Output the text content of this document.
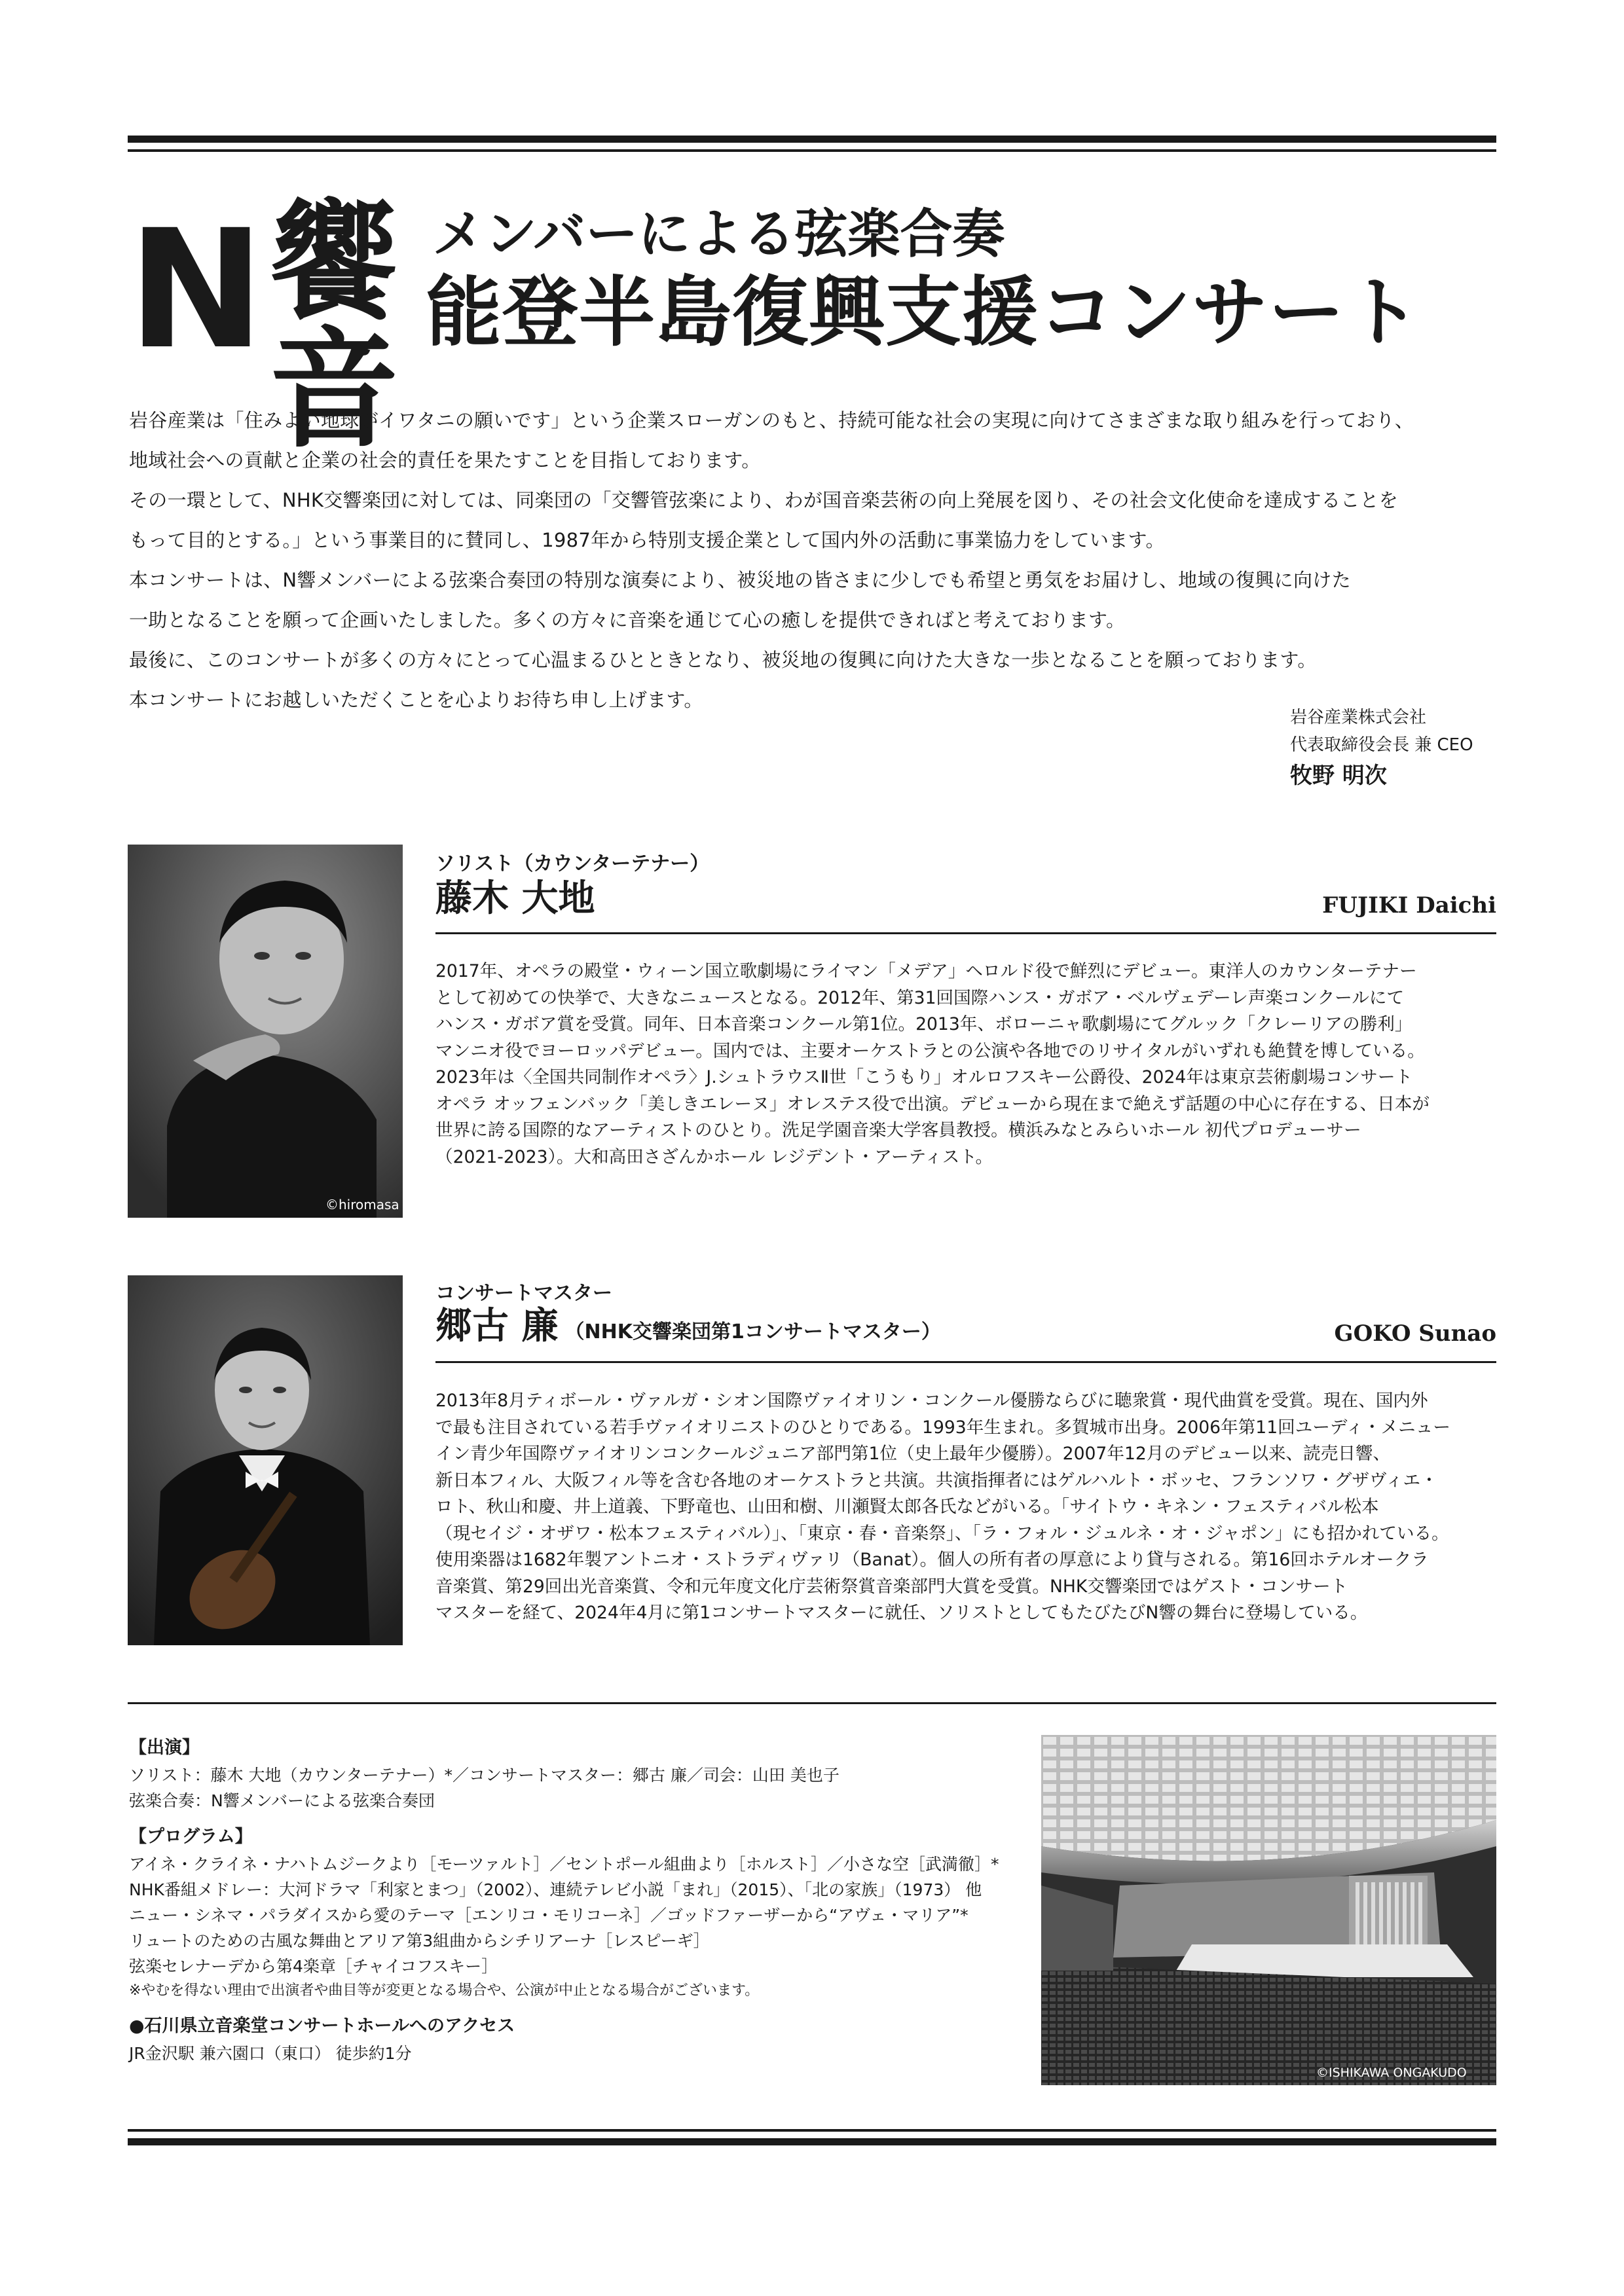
N 饗
音
メンバーによる弦楽合奏
能登半島復興支援コンサート

岩谷産業は「住みよい地球がイワタニの願いです」という企業スローガンのもと、持続可能な社会の実現に向けてさまざまな取り組みを行っており、

地域社会への貢献と企業の社会的責任を果たすことを目指しております。

その一環として、NHK交響楽団に対しては、同楽団の「交響管弦楽により、わが国音楽芸術の向上発展を図り、その社会文化使命を達成することを

もって目的とする。」という事業目的に賛同し、1987年から特別支援企業として国内外の活動に事業協力をしています。

本コンサートは、N響メンバーによる弦楽合奏団の特別な演奏により、被災地の皆さまに少しでも希望と勇気をお届けし、地域の復興に向けた

一助となることを願って企画いたしました。多くの方々に音楽を通じて心の癒しを提供できればと考えております。

最後に、このコンサートが多くの方々にとって心温まるひとときとなり、被災地の復興に向けた大きな一歩となることを願っております。

本コンサートにお越しいただくことを心よりお待ち申し上げます。

岩谷産業株式会社
代表取締役会長 兼 CEO
牧野 明次
©hiromasa
ソリスト（カウンターテナー）
藤木 大地	FUJIKI Daichi

2017年、オペラの殿堂・ウィーン国立歌劇場にライマン「メデア」ヘロルド役で鮮烈にデビュー。東洋人のカウンターテナー

として初めての快挙で、大きなニュースとなる。2012年、第31回国際ハンス・ガボア・ベルヴェデーレ声楽コンクールにて

ハンス・ガボア賞を受賞。同年、日本音楽コンクール第1位。2013年、ボローニャ歌劇場にてグルック「クレーリアの勝利」

マンニオ役でヨーロッパデビュー。国内では、主要オーケストラとの公演や各地でのリサイタルがいずれも絶賛を博している。

2023年は〈全国共同制作オペラ〉J.シュトラウスⅡ世「こうもり」オルロフスキー公爵役、2024年は東京芸術劇場コンサート

オペラ オッフェンバック「美しきエレーヌ」オレステス役で出演。デビューから現在まで絶えず話題の中心に存在する、日本が

世界に誇る国際的なアーティストのひとり。洗足学園音楽大学客員教授。横浜みなとみらいホール 初代プロデューサー

（2021-2023）。大和高田さざんかホール レジデント・アーティスト。

コンサートマスター
郷古 廉 （NHK交響楽団第1コンサートマスター）	GOKO Sunao

2013年8月ティボール・ヴァルガ・シオン国際ヴァイオリン・コンクール優勝ならびに聴衆賞・現代曲賞を受賞。現在、国内外

で最も注目されている若手ヴァイオリニストのひとりである。1993年生まれ。多賀城市出身。2006年第11回ユーディ・メニュー

イン青少年国際ヴァイオリンコンクールジュニア部門第1位（史上最年少優勝）。2007年12月のデビュー以来、読売日響、

新日本フィル、大阪フィル等を含む各地のオーケストラと共演。共演指揮者にはゲルハルト・ボッセ、フランソワ・グザヴィエ・

ロト、秋山和慶、井上道義、下野竜也、山田和樹、川瀬賢太郎各氏などがいる。「サイトウ・キネン・フェスティバル松本

（現セイジ・オザワ・松本フェスティバル）」、「東京・春・音楽祭」、「ラ・フォル・ジュルネ・オ・ジャポン」にも招かれている。

使用楽器は1682年製アントニオ・ストラディヴァリ（Banat）。個人の所有者の厚意により貸与される。第16回ホテルオークラ

音楽賞、第29回出光音楽賞、令和元年度文化庁芸術祭賞音楽部門大賞を受賞。NHK交響楽団ではゲスト・コンサート

マスターを経て、2024年4月に第1コンサートマスターに就任、ソリストとしてもたびたびN響の舞台に登場している。

【出演】
ソリスト：藤木 大地（カウンターテナー）*／コンサートマスター：郷古 廉／司会：山田 美也子
弦楽合奏：N響メンバーによる弦楽合奏団
【プログラム】
アイネ・クライネ・ナハトムジークより［モーツァルト］／セントポール組曲より［ホルスト］／小さな空［武満徹］*
NHK番組メドレー：大河ドラマ「利家とまつ」（2002）、連続テレビ小説「まれ」（2015）、「北の家族」（1973） 他
ニュー・シネマ・パラダイスから愛のテーマ［エンリコ・モリコーネ］／ゴッドファーザーから“アヴェ・マリア”*
リュートのための古風な舞曲とアリア第3組曲からシチリアーナ［レスピーギ］
弦楽セレナーデから第4楽章［チャイコフスキー］
※やむを得ない理由で出演者や曲目等が変更となる場合や、公演が中止となる場合がございます。
●石川県立音楽堂コンサートホールへのアクセス
JR金沢駅 兼六園口（東口） 徒歩約1分
©ISHIKAWA ONGAKUDO
